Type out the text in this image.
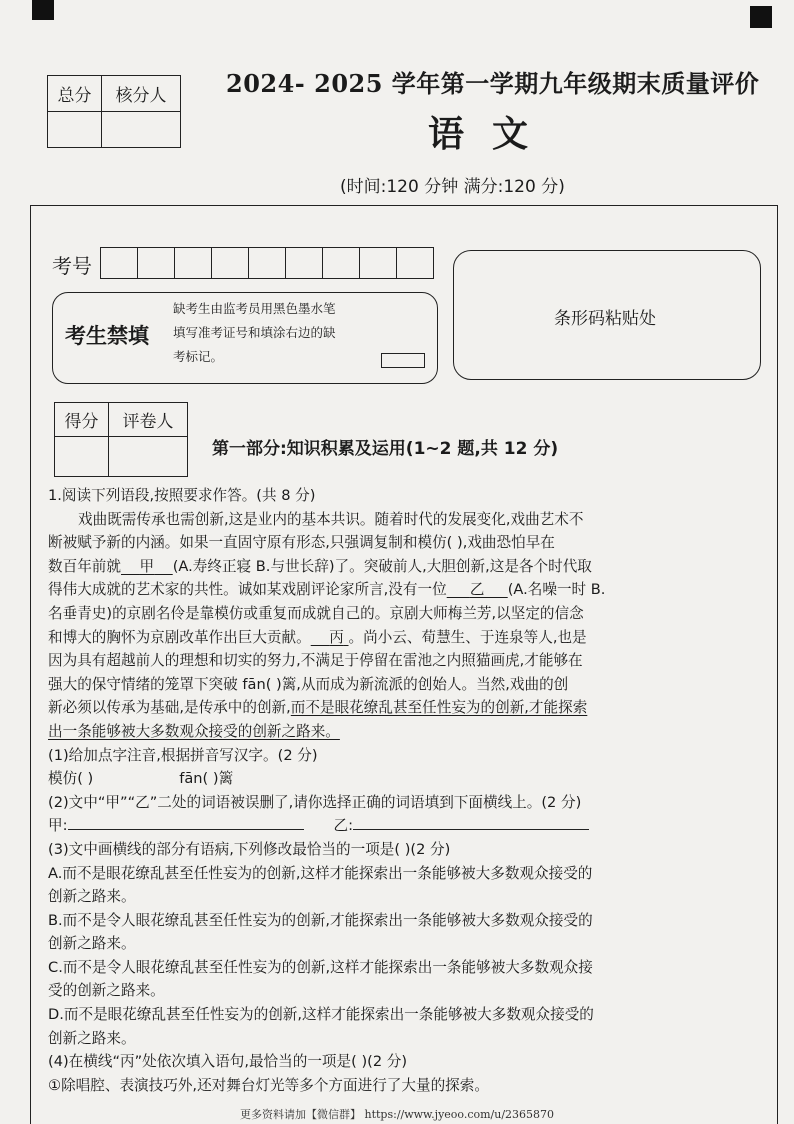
总分	核分人
	2024- 2025 学年第一学期九年级期末质量评价
语文
(时间:120 分钟 满分:120 分)
考号
考生禁填
缺考生由监考员用黑色墨水笔
填写准考证号和填涂右边的缺
考标记。
条形码粘贴处
得分	评卷人

第一部分:知识积累及运用(1~2 题,共 12 分)
1.阅读下列语段,按照要求作答。(共 8 分)
戏曲既需传承也需创新,这是业内的基本共识。随着时代的发展变化,戏曲艺术不
断被赋予新的内涵。如果一直固守原有形态,只强调复制和模仿( ),戏曲恐怕早在
数百年前就 甲 (A.寿终正寝 B.与世长辞)了。突破前人,大胆创新,这是各个时代取
得伟大成就的艺术家的共性。诚如某戏剧评论家所言,没有一位 乙 (A.名噪一时 B.
名垂青史)的京剧名伶是靠模仿或重复而成就自己的。京剧大师梅兰芳,以坚定的信念
和博大的胸怀为京剧改革作出巨大贡献。 丙 。尚小云、荀慧生、于连泉等人,也是
因为具有超越前人的理想和切实的努力,不满足于停留在雷池之内照猫画虎,才能够在
强大的保守情绪的笼罩下突破 fān( )篱,从而成为新流派的创始人。当然,戏曲的创
新必须以传承为基础,是传承中的创新,而不是眼花缭乱甚至任性妄为的创新,才能探索
出一条能够被大多数观众接受的创新之路来。
(1)给加点字注音,根据拼音写汉字。(2 分)
模仿( )	fān( )篱
(2)文中“甲”“乙”二处的词语被误删了,请你选择正确的词语填到下面横线上。(2 分)
甲:	乙:
(3)文中画横线的部分有语病,下列修改最恰当的一项是( )(2 分)
A.而不是眼花缭乱甚至任性妄为的创新,这样才能探索出一条能够被大多数观众接受的
创新之路来。
B.而不是令人眼花缭乱甚至任性妄为的创新,才能探索出一条能够被大多数观众接受的
创新之路来。
C.而不是令人眼花缭乱甚至任性妄为的创新,这样才能探索出一条能够被大多数观众接
受的创新之路来。
D.而不是眼花缭乱甚至任性妄为的创新,这样才能探索出一条能够被大多数观众接受的
创新之路来。
(4)在横线“丙”处依次填入语句,最恰当的一项是( )(2 分)
①除唱腔、表演技巧外,还对舞台灯光等多个方面进行了大量的探索。
更多资料请加【微信群】 https://www.jyeoo.com/u/2365870
